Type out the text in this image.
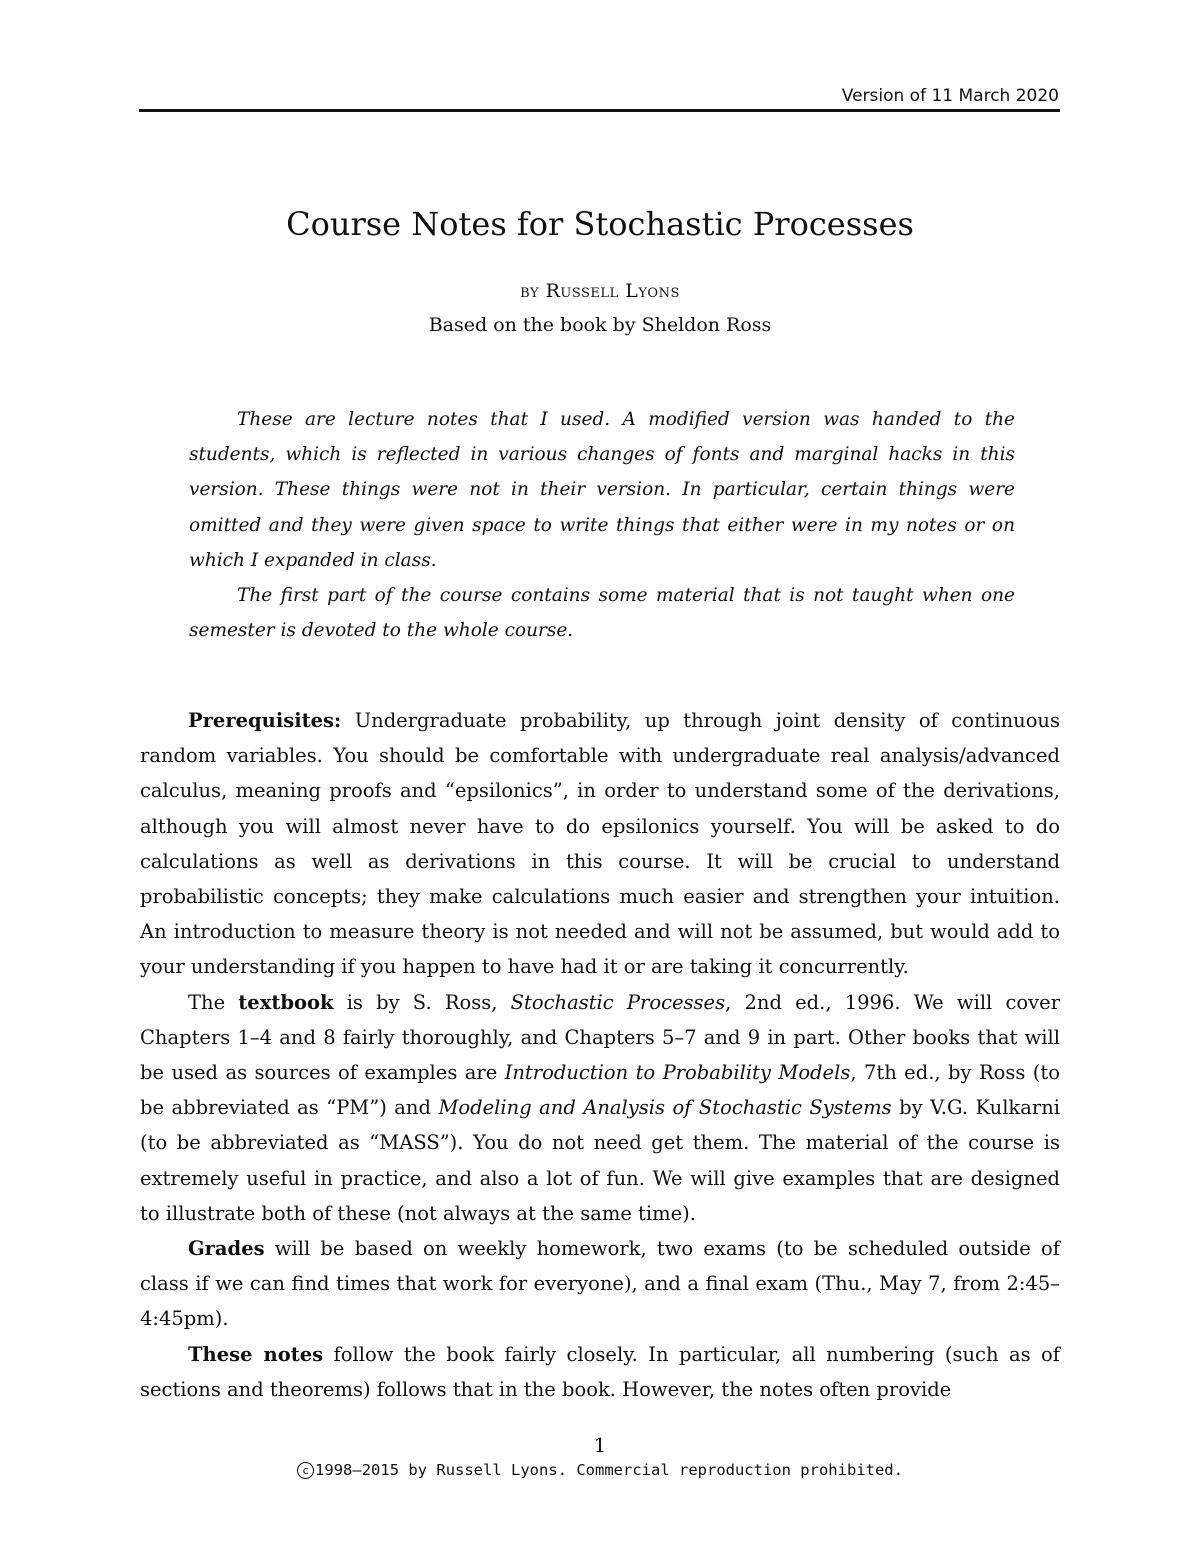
Version of 11 March 2020
Course Notes for Stochastic Processes
by Russell Lyons
Based on the book by Sheldon Ross

These are lecture notes that I used. A modified version was handed to the students, which is reflected in various changes of fonts and marginal hacks in this version. These things were not in their version. In particular, certain things were omitted and they were given space to write things that either were in my notes or on which I expanded in class.

The first part of the course contains some material that is not taught when one semester is devoted to the whole course.

Prerequisites: Undergraduate probability, up through joint density of continuous random variables. You should be comfortable with undergraduate real analysis/advanced calculus, meaning proofs and “epsilonics”, in order to understand some of the derivations, although you will almost never have to do epsilonics yourself. You will be asked to do calculations as well as derivations in this course. It will be crucial to understand probabilistic concepts; they make calculations much easier and strengthen your intuition. An introduction to measure theory is not needed and will not be assumed, but would add to your understanding if you happen to have had it or are taking it concurrently.

The textbook is by S. Ross, Stochastic Processes, 2nd ed., 1996. We will cover Chapters 1–4 and 8 fairly thoroughly, and Chapters 5–7 and 9 in part. Other books that will be used as sources of examples are Introduction to Probability Models, 7th ed., by Ross (to be abbreviated as “PM”) and Modeling and Analysis of Stochastic Systems by V.G. Kulkarni (to be abbreviated as “MASS”). You do not need get them. The material of the course is extremely useful in practice, and also a lot of fun. We will give examples that are designed to illustrate both of these (not always at the same time).

Grades will be based on weekly homework, two exams (to be scheduled outside of class if we can find times that work for everyone), and a final exam (Thu., May 7, from 2:45–4:45pm).

These notes follow the book fairly closely. In particular, all numbering (such as of sections and theorems) follows that in the book. However, the notes often provide

1
c 1998–2015 by Russell Lyons. Commercial reproduction prohibited.
